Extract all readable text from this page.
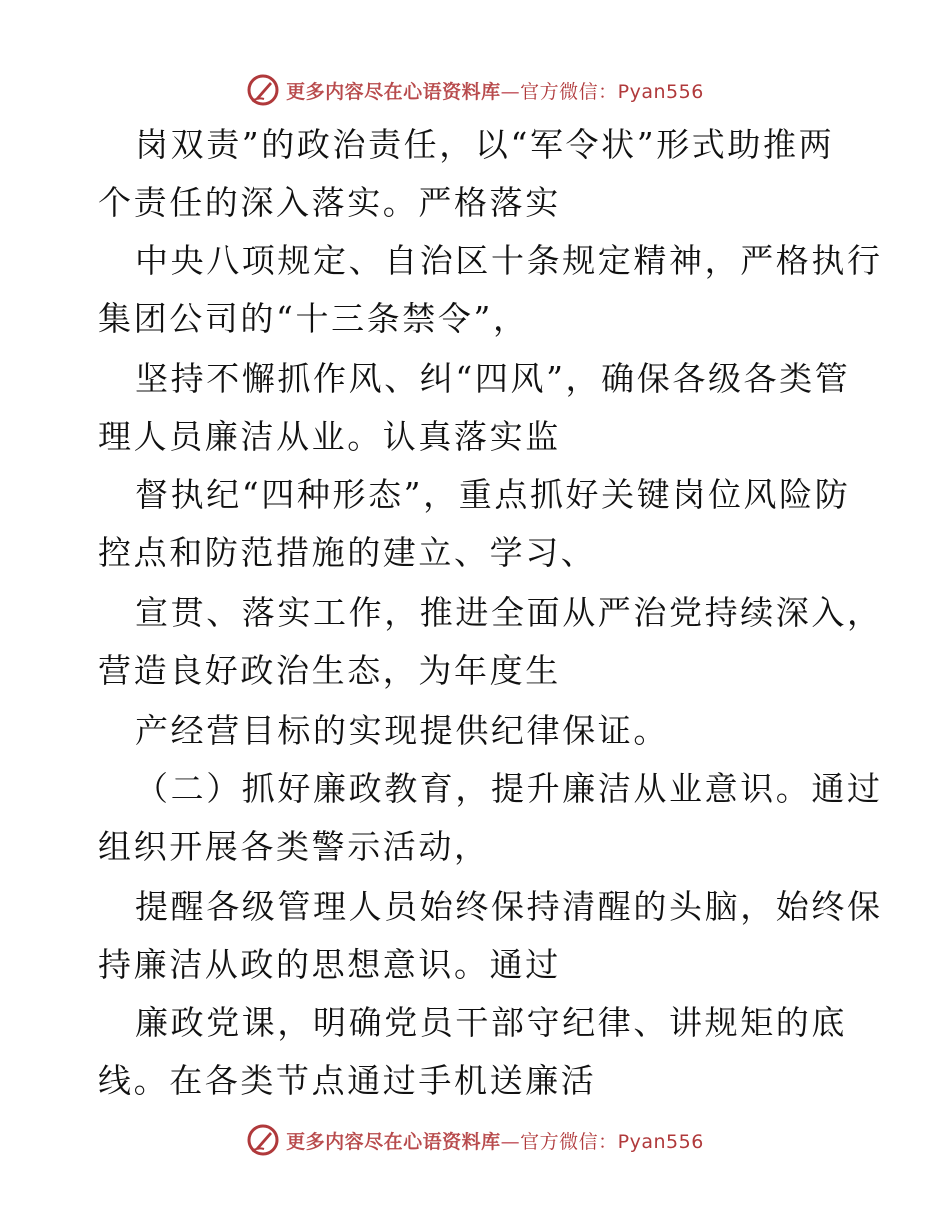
更多内容尽在心语资料库—官方微信：Pyan556
岗双责”的政治责任，以“军令状”形式助推两
个责任的深入落实。严格落实
中央八项规定、自治区十条规定精神，严格执行
集团公司的“十三条禁令”，
坚持不懈抓作风、纠“四风”，确保各级各类管
理人员廉洁从业。认真落实监
督执纪“四种形态”，重点抓好关键岗位风险防
控点和防范措施的建立、学习、
宣贯、落实工作，推进全面从严治党持续深入，
营造良好政治生态，为年度生
产经营目标的实现提供纪律保证。
（二）抓好廉政教育，提升廉洁从业意识。通过
组织开展各类警示活动，
提醒各级管理人员始终保持清醒的头脑，始终保
持廉洁从政的思想意识。通过
廉政党课，明确党员干部守纪律、讲规矩的底
线。在各类节点通过手机送廉活
更多内容尽在心语资料库—官方微信：Pyan556
